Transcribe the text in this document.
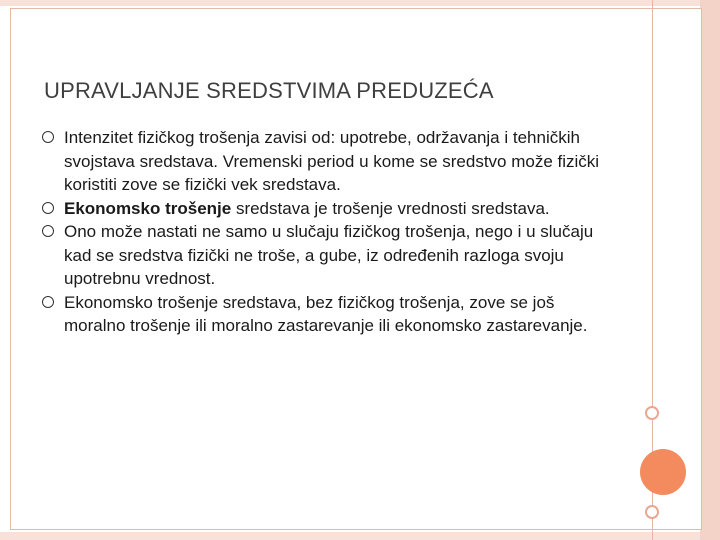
UPRAVLJANJE SREDSTVIMA PREDUZEĆA
Intenzitet fizičkog trošenja zavisi od: upotrebe, održavanja i tehničkih svojstava sredstava. Vremenski period u kome se sredstvo može fizički koristiti zove se fizički vek sredstava.
Ekonomsko trošenje sredstava je trošenje vrednosti sredstava.
Ono može nastati ne samo u slučaju fizičkog trošenja, nego i u slučaju kad se sredstva fizički ne troše, a gube, iz određenih razloga svoju upotrebnu vrednost.
Ekonomsko trošenje sredstava, bez fizičkog trošenja, zove se još moralno trošenje ili moralno zastarevanje ili ekonomsko zastarevanje.
